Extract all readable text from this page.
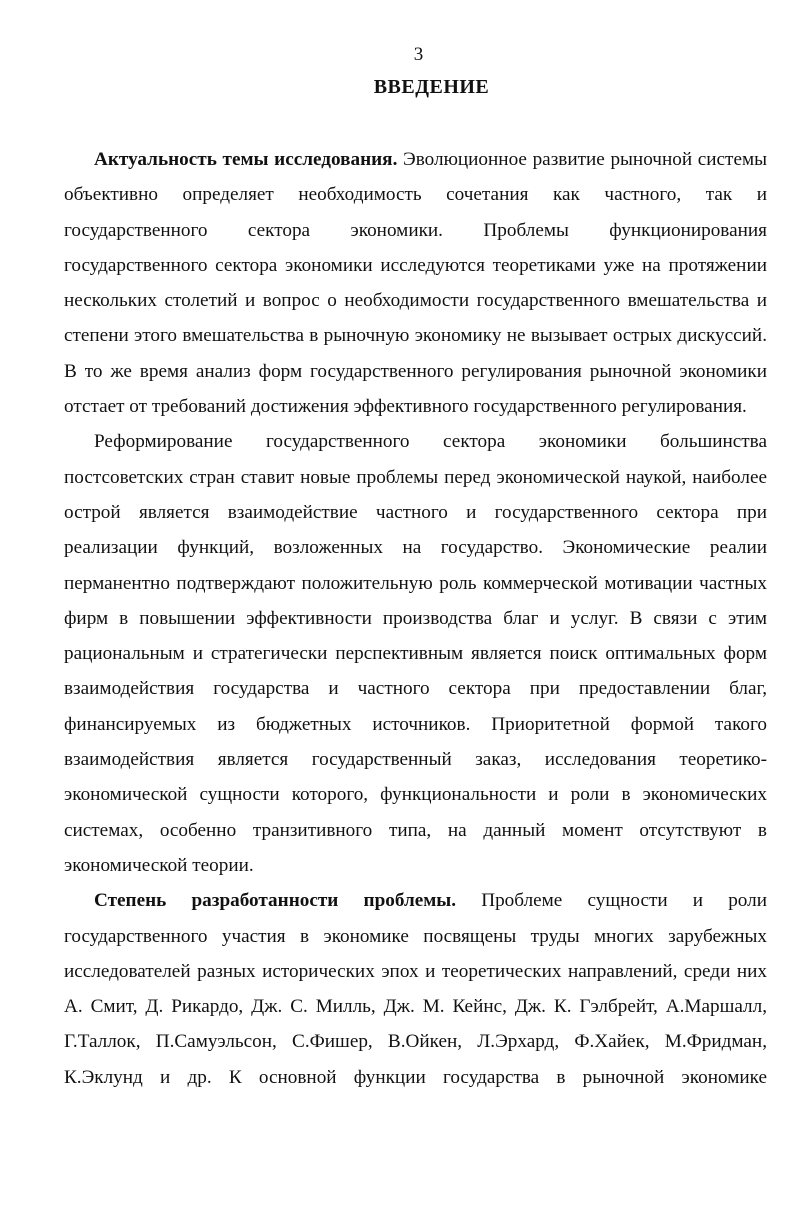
3
ВВЕДЕНИЕ

Актуальность темы исследования. Эволюционное развитие рыночной системы объективно определяет необходимость сочетания как частного, так и государственного сектора экономики. Проблемы функционирования государственного сектора экономики исследуются теоретиками уже на протяжении нескольких столетий и вопрос о необходимости государственного вмешательства и степени этого вмешательства в рыночную экономику не вызывает острых дискуссий. В то же время анализ форм государственного регулирования рыночной экономики отстает от требований достижения эффективного государственного регулирования.

Реформирование государственного сектора экономики большинства постсоветских стран ставит новые проблемы перед экономической наукой, наиболее острой является взаимодействие частного и государственного сектора при реализации функций, возложенных на государство. Экономические реалии перманентно подтверждают положительную роль коммерческой мотивации частных фирм в повышении эффективности производства благ и услуг. В связи с этим рациональным и стратегически перспективным является поиск оптимальных форм взаимодействия государства и частного сектора при предоставлении благ, финансируемых из бюджетных источников. Приоритетной формой такого взаимодействия является государственный заказ, исследования теоретико-экономической сущности которого, функциональности и роли в экономических системах, особенно транзитивного типа, на данный момент отсутствуют в экономической теории.

Степень разработанности проблемы. Проблеме сущности и роли государственного участия в экономике посвящены труды многих зарубежных исследователей разных исторических эпох и теоретических направлений, среди них А. Смит, Д. Рикардо, Дж. С. Милль, Дж. М. Кейнс, Дж. К. Гэлбрейт, А.Маршалл, Г.Таллок, П.Самуэльсон, С.Фишер, В.Ойкен, Л.Эрхард, Ф.Хайек, М.Фридман, К.Эклунд и др. К основной функции государства в рыночной экономике
